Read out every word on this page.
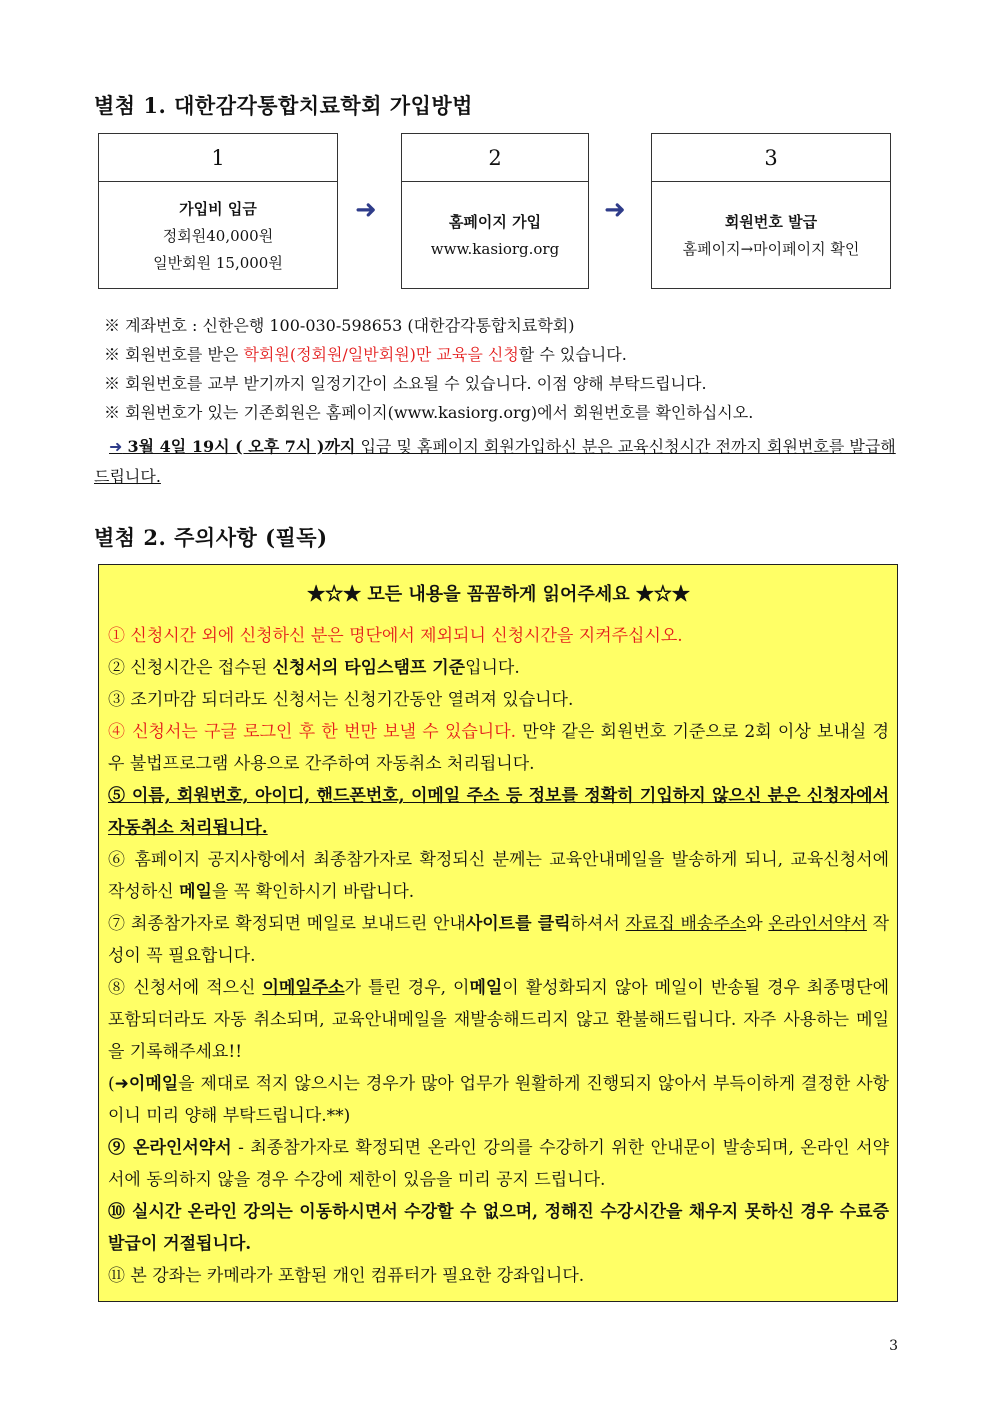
별첨 1. 대한감각통합치료학회 가입방법
1
가입비 입금
정회원40,000원
일반회원 15,000원
➜
2
홈페이지 가입
www.kasiorg.org
➜
3
회원번호 발급
홈페이지→마이페이지 확인
※ 계좌번호 : 신한은행 100-030-598653 (대한감각통합치료학회)
※ 회원번호를 받은 학회원(정회원/일반회원)만 교육을 신청할 수 있습니다.
※ 회원번호를 교부 받기까지 일정기간이 소요될 수 있습니다. 이점 양해 부탁드립니다.
※ 회원번호가 있는 기존회원은 홈페이지(www.kasiorg.org)에서 회원번호를 확인하십시오.
➜ 3월 4일 19시 ( 오후 7시 )까지 입금 및 홈페이지 회원가입하신 분은 교육신청시간 전까지 회원번호를 발급해 드립니다.
별첨 2. 주의사항 (필독)
★☆★ 모든 내용을 꼼꼼하게 읽어주세요 ★☆★
① 신청시간 외에 신청하신 분은 명단에서 제외되니 신청시간을 지켜주십시오.
② 신청시간은 접수된 신청서의 타임스탬프 기준입니다.
③ 조기마감 되더라도 신청서는 신청기간동안 열려져 있습니다.
④ 신청서는 구글 로그인 후 한 번만 보낼 수 있습니다. 만약 같은 회원번호 기준으로 2회 이상 보내실 경우 불법프로그램 사용으로 간주하여 자동취소 처리됩니다.
⑤ 이름, 회원번호, 아이디, 핸드폰번호, 이메일 주소 등 정보를 정확히 기입하지 않으신 분은 신청자에서 자동취소 처리됩니다.
⑥ 홈페이지 공지사항에서 최종참가자로 확정되신 분께는 교육안내메일을 발송하게 되니, 교육신청서에 작성하신 메일을 꼭 확인하시기 바랍니다.
⑦ 최종참가자로 확정되면 메일로 보내드린 안내사이트를 클릭하셔서 자료집 배송주소와 온라인서약서 작성이 꼭 필요합니다.
⑧ 신청서에 적으신 이메일주소가 틀린 경우, 이메일이 활성화되지 않아 메일이 반송될 경우 최종명단에 포함되더라도 자동 취소되며, 교육안내메일을 재발송해드리지 않고 환불해드립니다. 자주 사용하는 메일을 기록해주세요!!
(➜이메일을 제대로 적지 않으시는 경우가 많아 업무가 원활하게 진행되지 않아서 부득이하게 결정한 사항이니 미리 양해 부탁드립니다.**)
⑨ 온라인서약서 - 최종참가자로 확정되면 온라인 강의를 수강하기 위한 안내문이 발송되며, 온라인 서약서에 동의하지 않을 경우 수강에 제한이 있음을 미리 공지 드립니다.
⑩ 실시간 온라인 강의는 이동하시면서 수강할 수 없으며, 정해진 수강시간을 채우지 못하신 경우 수료증 발급이 거절됩니다.
⑪ 본 강좌는 카메라가 포함된 개인 컴퓨터가 필요한 강좌입니다.
3
